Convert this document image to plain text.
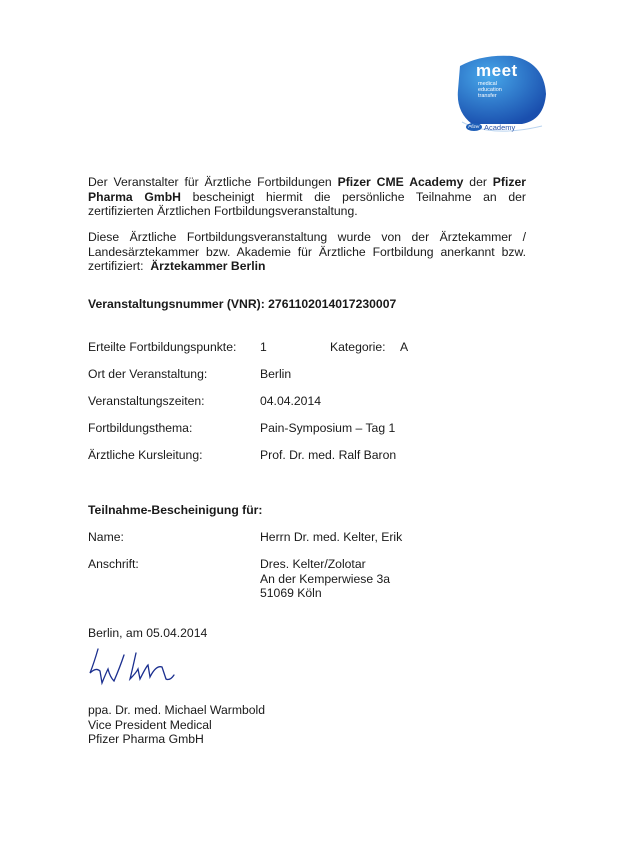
meet
medical
education
transfer
Pfizer Academy
Der Veranstalter für Ärztliche Fortbildungen Pfizer CME Academy der Pfizer Pharma GmbH bescheinigt hiermit die persönliche Teilnahme an der zertifizierten Ärztlichen Fortbildungsveranstaltung.
Diese Ärztliche Fortbildungsveranstaltung wurde von der Ärztekammer / Landesärztekammer bzw. Akademie für Ärztliche Fortbildung anerkannt bzw. zertifiziert: Ärztekammer Berlin
Veranstaltungsnummer (VNR): 2761102014017230007
Erteilte Fortbildungspunkte: 1	Kategorie: A
Ort der Veranstaltung:	Berlin
Veranstaltungszeiten:	04.04.2014
Fortbildungsthema:	Pain-Symposium – Tag 1
Ärztliche Kursleitung:	Prof. Dr. med. Ralf Baron
Teilnahme-Bescheinigung für:
Name:	Herrn Dr. med. Kelter, Erik
Anschrift:	Dres. Kelter/Zolotar
An der Kemperwiese 3a
51069 Köln
Berlin, am 05.04.2014
ppa. Dr. med. Michael Warmbold
Vice President Medical
Pfizer Pharma GmbH
